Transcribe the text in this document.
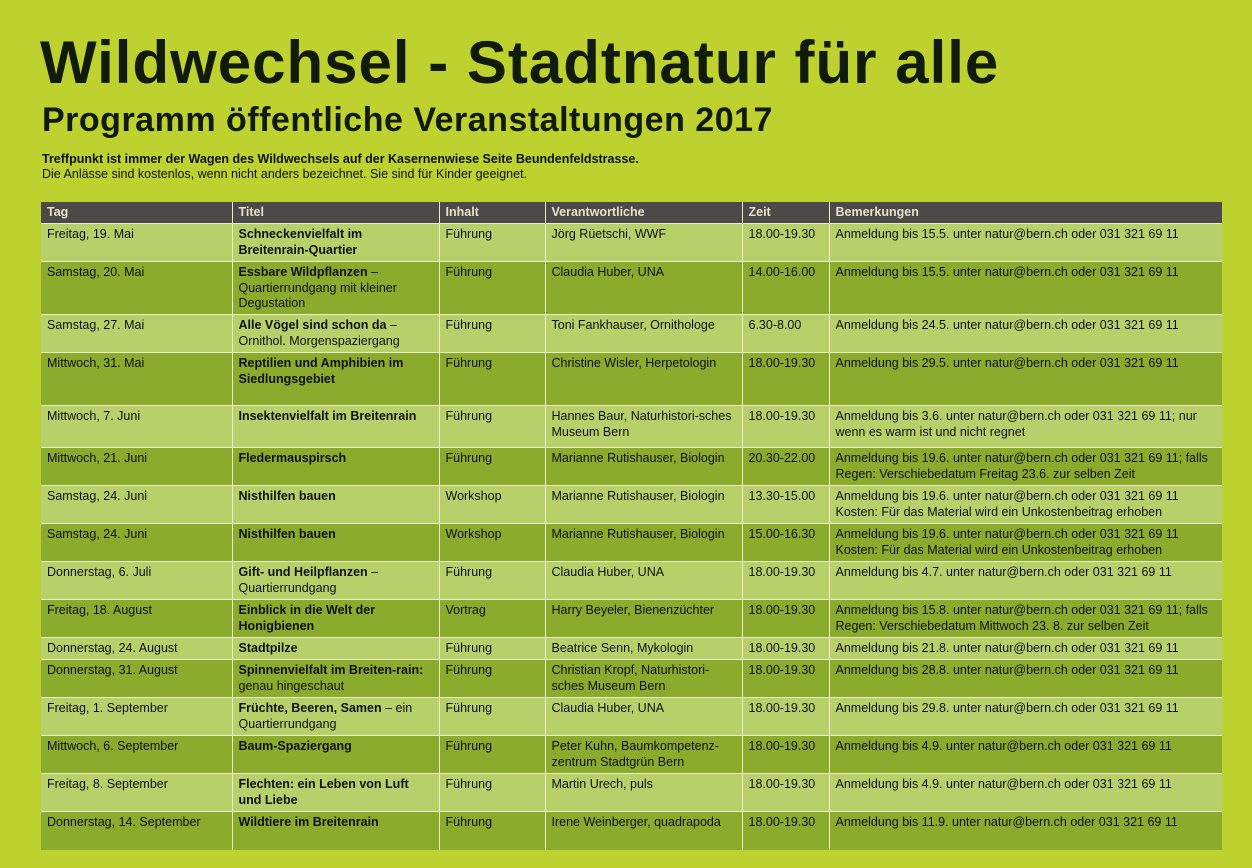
Wildwechsel - Stadtnatur für alle
Programm öffentliche Veranstaltungen 2017
Treffpunkt ist immer der Wagen des Wildwechsels auf der Kasernenwiese Seite Beundenfeldstrasse.
Die Anlässe sind kostenlos, wenn nicht anders bezeichnet. Sie sind für Kinder geeignet.
Tag	Titel	Inhalt	Verantwortliche	Zeit	Bemerkungen
Freitag, 19. Mai	Schneckenvielfalt im Breitenrain-Quartier	Führung	Jörg Rüetschi, WWF	18.00-19.30	Anmeldung bis 15.5. unter natur@bern.ch oder 031 321 69 11
Samstag, 20. Mai	Essbare Wildpflanzen – Quartierrundgang mit kleiner Degustation	Führung	Claudia Huber, UNA	14.00-16.00	Anmeldung bis 15.5. unter natur@bern.ch oder 031 321 69 11
Samstag, 27. Mai	Alle Vögel sind schon da – Ornithol. Morgenspaziergang	Führung	Toni Fankhauser, Ornithologe	6.30-8.00	Anmeldung bis 24.5. unter natur@bern.ch oder 031 321 69 11
Mittwoch, 31. Mai	Reptilien und Amphibien im Siedlungsgebiet	Führung	Christine Wisler, Herpetologin	18.00-19.30	Anmeldung bis 29.5. unter natur@bern.ch oder 031 321 69 11
Mittwoch, 7. Juni	Insektenvielfalt im Breitenrain	Führung	Hannes Baur, Naturhistori-sches Museum Bern	18.00-19.30	Anmeldung bis 3.6. unter natur@bern.ch oder 031 321 69 11; nur wenn es warm ist und nicht regnet
Mittwoch, 21. Juni	Fledermauspirsch	Führung	Marianne Rutishauser, Biologin	20.30-22.00	Anmeldung bis 19.6. unter natur@bern.ch oder 031 321 69 11; falls Regen: Verschiebedatum Freitag 23.6. zur selben Zeit
Samstag, 24. Juni	Nisthilfen bauen	Workshop	Marianne Rutishauser, Biologin	13.30-15.00	Anmeldung bis 19.6. unter natur@bern.ch oder 031 321 69 11 Kosten: Für das Material wird ein Unkostenbeitrag erhoben
Samstag, 24. Juni	Nisthilfen bauen	Workshop	Marianne Rutishauser, Biologin	15.00-16.30	Anmeldung bis 19.6. unter natur@bern.ch oder 031 321 69 11 Kosten: Für das Material wird ein Unkostenbeitrag erhoben
Donnerstag, 6. Juli	Gift- und Heilpflanzen – Quartierrundgang	Führung	Claudia Huber, UNA	18.00-19.30	Anmeldung bis 4.7. unter natur@bern.ch oder 031 321 69 11
Freitag, 18. August	Einblick in die Welt der Honigbienen	Vortrag	Harry Beyeler, Bienenzüchter	18.00-19.30	Anmeldung bis 15.8. unter natur@bern.ch oder 031 321 69 11; falls Regen: Verschiebedatum Mittwoch 23. 8. zur selben Zeit
Donnerstag, 24. August	Stadtpilze	Führung	Beatrice Senn, Mykologin	18.00-19.30	Anmeldung bis 21.8. unter natur@bern.ch oder 031 321 69 11
Donnerstag, 31. August	Spinnenvielfalt im Breiten-rain: genau hingeschaut	Führung	Christian Kropf, Naturhistori-sches Museum Bern	18.00-19.30	Anmeldung bis 28.8. unter natur@bern.ch oder 031 321 69 11
Freitag, 1. September	Früchte, Beeren, Samen – ein Quartierrundgang	Führung	Claudia Huber, UNA	18.00-19.30	Anmeldung bis 29.8. unter natur@bern.ch oder 031 321 69 11
Mittwoch, 6. September	Baum-Spaziergang	Führung	Peter Kuhn, Baumkompetenz-zentrum Stadtgrün Bern	18.00-19.30	Anmeldung bis 4.9. unter natur@bern.ch oder 031 321 69 11
Freitag, 8. September	Flechten: ein Leben von Luft und Liebe	Führung	Martin Urech, puls	18.00-19.30	Anmeldung bis 4.9. unter natur@bern.ch oder 031 321 69 11
Donnerstag, 14. September	Wildtiere im Breitenrain	Führung	Irene Weinberger, quadrapoda	18.00-19.30	Anmeldung bis 11.9. unter natur@bern.ch oder 031 321 69 11
